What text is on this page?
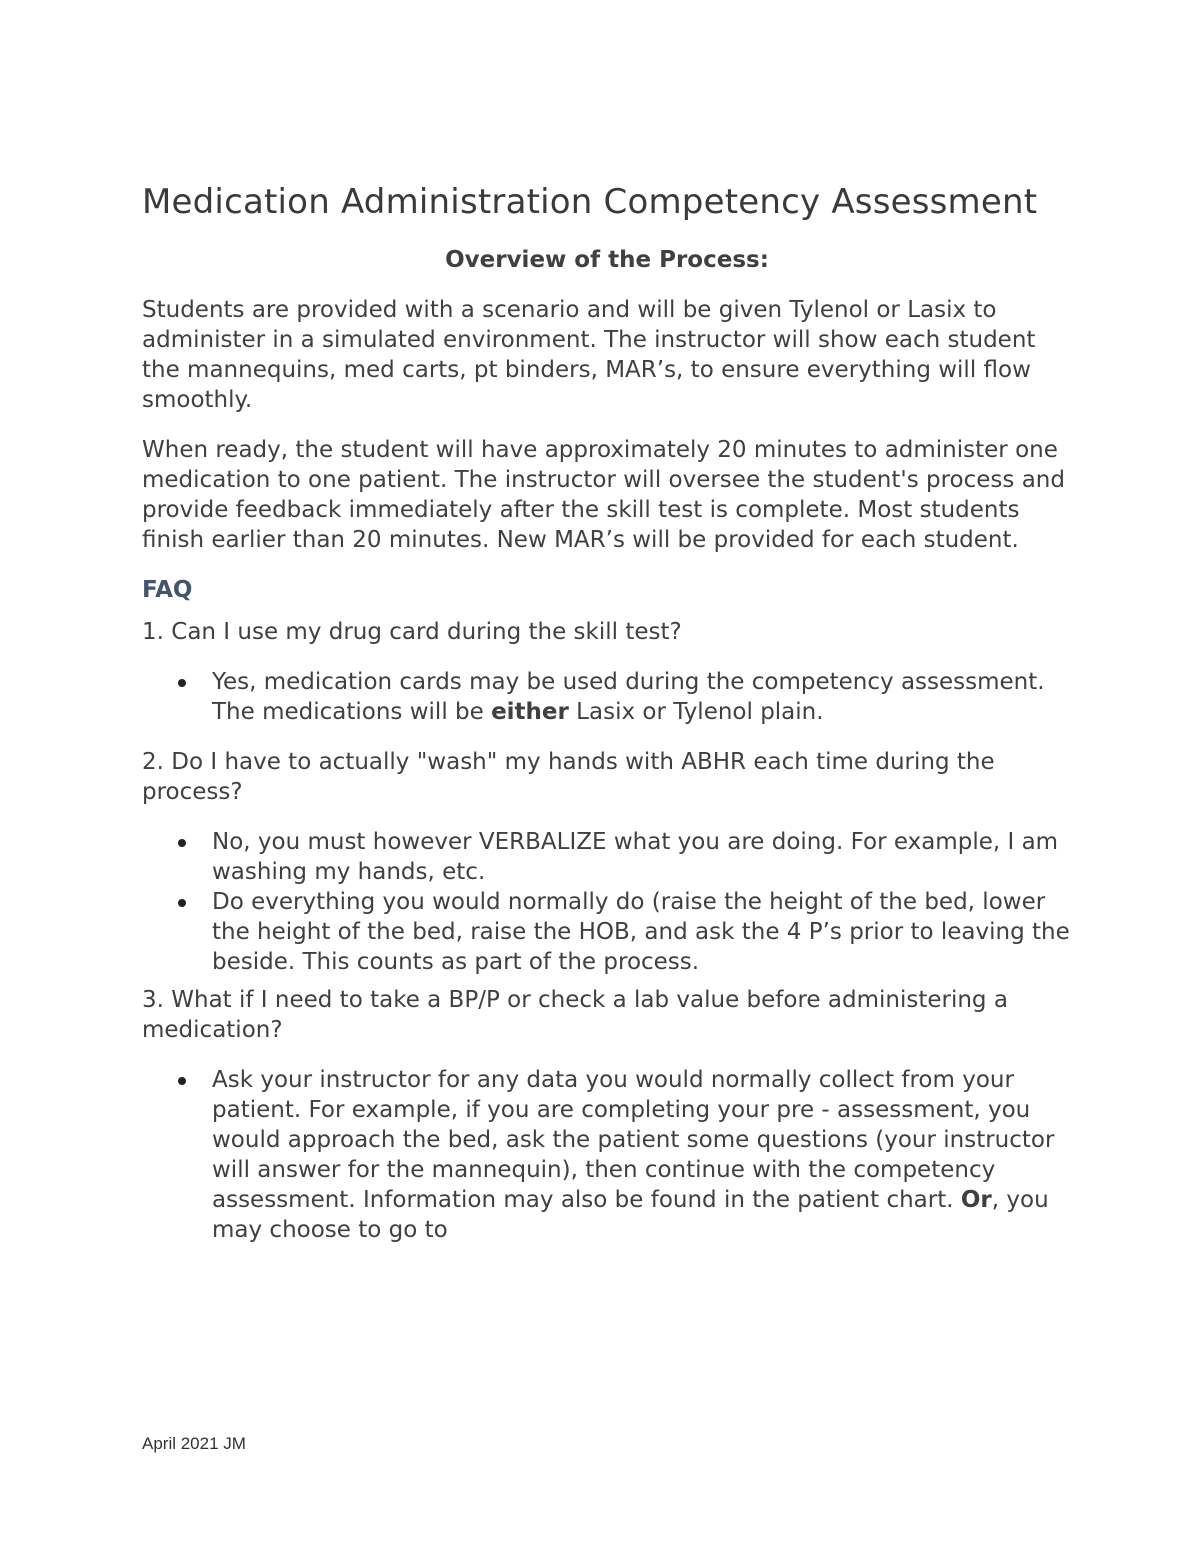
Medication Administration Competency Assessment
Overview of the Process:

Students are provided with a scenario and will be given Tylenol or Lasix to administer in a simulated environment. The instructor will show each student the mannequins, med carts, pt binders, MAR’s, to ensure everything will flow smoothly.

When ready, the student will have approximately 20 minutes to administer one medication to one patient. The instructor will oversee the student's process and provide feedback immediately after the skill test is complete. Most students finish earlier than 20 minutes. New MAR’s will be provided for each student.

FAQ
1. Can I use my drug card during the skill test?
Yes, medication cards may be used during the competency assessment. The medications will be either Lasix or Tylenol plain.
2. Do I have to actually "wash" my hands with ABHR each time during the process?
No, you must however VERBALIZE what you are doing. For example, I am washing my hands, etc.
Do everything you would normally do (raise the height of the bed, lower the height of the bed, raise the HOB, and ask the 4 P’s prior to leaving the beside. This counts as part of the process.
3. What if I need to take a BP/P or check a lab value before administering a medication?
Ask your instructor for any data you would normally collect from your patient. For example, if you are completing your pre - assessment, you would approach the bed, ask the patient some questions (your instructor will answer for the mannequin), then continue with the competency assessment. Information may also be found in the patient chart. Or, you may choose to go to
April 2021 JM
